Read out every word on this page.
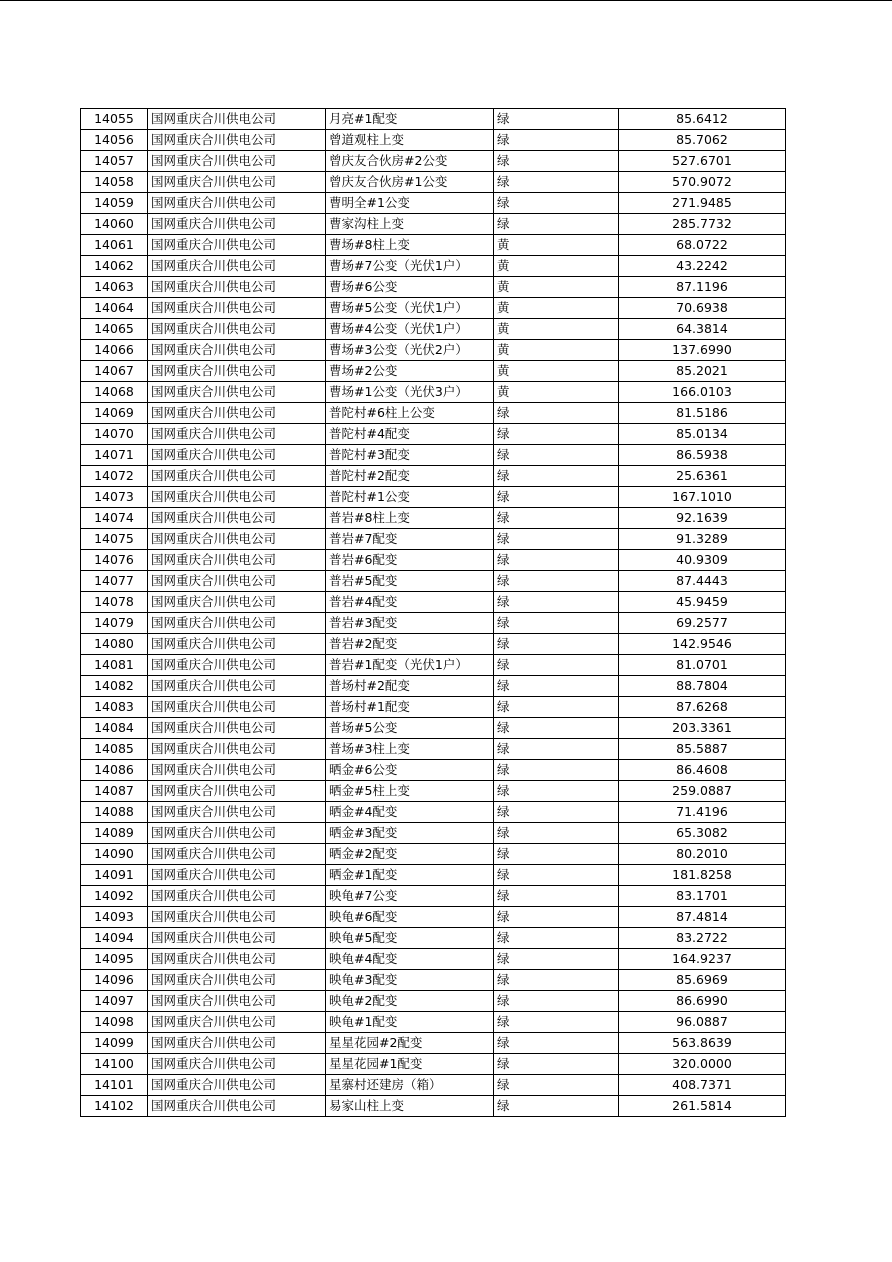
14055	国网重庆合川供电公司	月亮#1配变	绿	85.6412
14056	国网重庆合川供电公司	曾道观柱上变	绿	85.7062
14057	国网重庆合川供电公司	曾庆友合伙房#2公变	绿	527.6701
14058	国网重庆合川供电公司	曾庆友合伙房#1公变	绿	570.9072
14059	国网重庆合川供电公司	曹明全#1公变	绿	271.9485
14060	国网重庆合川供电公司	曹家沟柱上变	绿	285.7732
14061	国网重庆合川供电公司	曹场#8柱上变	黄	68.0722
14062	国网重庆合川供电公司	曹场#7公变（光伏1户）	黄	43.2242
14063	国网重庆合川供电公司	曹场#6公变	黄	87.1196
14064	国网重庆合川供电公司	曹场#5公变（光伏1户）	黄	70.6938
14065	国网重庆合川供电公司	曹场#4公变（光伏1户）	黄	64.3814
14066	国网重庆合川供电公司	曹场#3公变（光伏2户）	黄	137.6990
14067	国网重庆合川供电公司	曹场#2公变	黄	85.2021
14068	国网重庆合川供电公司	曹场#1公变（光伏3户）	黄	166.0103
14069	国网重庆合川供电公司	普陀村#6柱上公变	绿	81.5186
14070	国网重庆合川供电公司	普陀村#4配变	绿	85.0134
14071	国网重庆合川供电公司	普陀村#3配变	绿	86.5938
14072	国网重庆合川供电公司	普陀村#2配变	绿	25.6361
14073	国网重庆合川供电公司	普陀村#1公变	绿	167.1010
14074	国网重庆合川供电公司	普岩#8柱上变	绿	92.1639
14075	国网重庆合川供电公司	普岩#7配变	绿	91.3289
14076	国网重庆合川供电公司	普岩#6配变	绿	40.9309
14077	国网重庆合川供电公司	普岩#5配变	绿	87.4443
14078	国网重庆合川供电公司	普岩#4配变	绿	45.9459
14079	国网重庆合川供电公司	普岩#3配变	绿	69.2577
14080	国网重庆合川供电公司	普岩#2配变	绿	142.9546
14081	国网重庆合川供电公司	普岩#1配变（光伏1户）	绿	81.0701
14082	国网重庆合川供电公司	普场村#2配变	绿	88.7804
14083	国网重庆合川供电公司	普场村#1配变	绿	87.6268
14084	国网重庆合川供电公司	普场#5公变	绿	203.3361
14085	国网重庆合川供电公司	普场#3柱上变	绿	85.5887
14086	国网重庆合川供电公司	晒金#6公变	绿	86.4608
14087	国网重庆合川供电公司	晒金#5柱上变	绿	259.0887
14088	国网重庆合川供电公司	晒金#4配变	绿	71.4196
14089	国网重庆合川供电公司	晒金#3配变	绿	65.3082
14090	国网重庆合川供电公司	晒金#2配变	绿	80.2010
14091	国网重庆合川供电公司	晒金#1配变	绿	181.8258
14092	国网重庆合川供电公司	映龟#7公变	绿	83.1701
14093	国网重庆合川供电公司	映龟#6配变	绿	87.4814
14094	国网重庆合川供电公司	映龟#5配变	绿	83.2722
14095	国网重庆合川供电公司	映龟#4配变	绿	164.9237
14096	国网重庆合川供电公司	映龟#3配变	绿	85.6969
14097	国网重庆合川供电公司	映龟#2配变	绿	86.6990
14098	国网重庆合川供电公司	映龟#1配变	绿	96.0887
14099	国网重庆合川供电公司	星星花园#2配变	绿	563.8639
14100	国网重庆合川供电公司	星星花园#1配变	绿	320.0000
14101	国网重庆合川供电公司	星寨村还建房（箱）	绿	408.7371
14102	国网重庆合川供电公司	易家山柱上变	绿	261.5814
